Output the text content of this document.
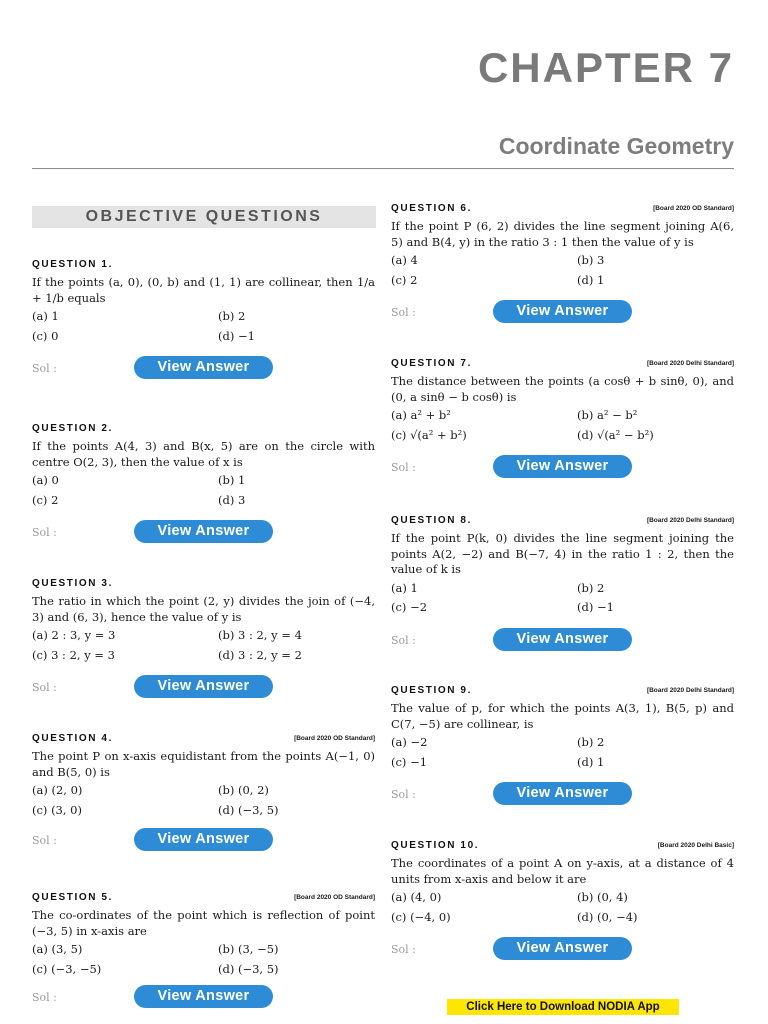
CHAPTER 7
Coordinate Geometry
OBJECTIVE QUESTIONS
QUESTION 1.

If the points (a, 0), (0, b) and (1, 1) are collinear, then 1/a + 1/b equals

(a) 1	(b) 2
(c) 0	(d) −1
Sol :	View Answer
QUESTION 2.

If the points A(4, 3) and B(x, 5) are on the circle with centre O(2, 3), then the value of x is

(a) 0	(b) 1
(c) 2	(d) 3
Sol :	View Answer
QUESTION 3.

The ratio in which the point (2, y) divides the join of (−4, 3) and (6, 3), hence the value of y is

(a) 2 : 3, y = 3	(b) 3 : 2, y = 4
(c) 3 : 2, y = 3	(d) 3 : 2, y = 2
Sol :	View Answer
QUESTION 4.	[Board 2020 OD Standard]

The point P on x-axis equidistant from the points A(−1, 0) and B(5, 0) is

(a) (2, 0)	(b) (0, 2)
(c) (3, 0)	(d) (−3, 5)
Sol :	View Answer
QUESTION 5.	[Board 2020 OD Standard]

The co-ordinates of the point which is reflection of point (−3, 5) in x-axis are

(a) (3, 5)	(b) (3, −5)
(c) (−3, −5)	(d) (−3, 5)
Sol :	View Answer
QUESTION 6.	[Board 2020 OD Standard]

If the point P (6, 2) divides the line segment joining A(6, 5) and B(4, y) in the ratio 3 : 1 then the value of y is

(a) 4	(b) 3
(c) 2	(d) 1
Sol :	View Answer
QUESTION 7.	[Board 2020 Delhi Standard]

The distance between the points (a cosθ + b sinθ, 0), and (0, a sinθ − b cosθ) is

(a) a² + b²	(b) a² − b²
(c) √(a² + b²)	(d) √(a² − b²)
Sol :	View Answer
QUESTION 8.	[Board 2020 Delhi Standard]

If the point P(k, 0) divides the line segment joining the points A(2, −2) and B(−7, 4) in the ratio 1 : 2, then the value of k is

(a) 1	(b) 2
(c) −2	(d) −1
Sol :	View Answer
QUESTION 9.	[Board 2020 Delhi Standard]

The value of p, for which the points A(3, 1), B(5, p) and C(7, −5) are collinear, is

(a) −2	(b) 2
(c) −1	(d) 1
Sol :	View Answer
QUESTION 10.	[Board 2020 Delhi Basic]

The coordinates of a point A on y-axis, at a distance of 4 units from x-axis and below it are

(a) (4, 0)	(b) (0, 4)
(c) (−4, 0)	(d) (0, −4)
Sol :	View Answer
Click Here to Download NODIA App
